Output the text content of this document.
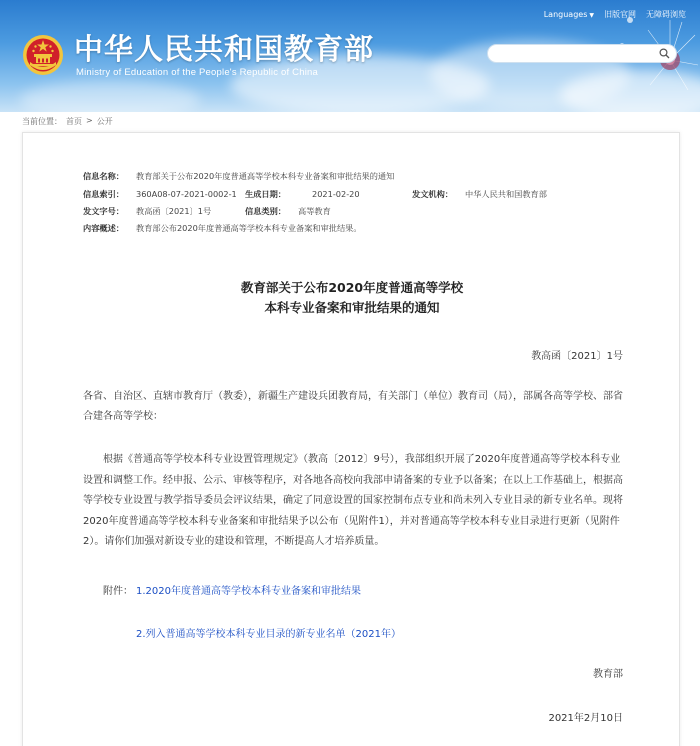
中华人民共和国教育部
Ministry of Education of the People's Republic of China
Languages ▼ 旧版官网 无障碍浏览
当前位置： 首页 > 公开
信息名称： 教育部关于公布2020年度普通高等学校本科专业备案和审批结果的通知
信息索引： 360A08-07-2021-0002-1 生成日期：	2021-02-20	发文机构： 中华人民共和国教育部
发文字号： 教高函〔2021〕1号	信息类别： 高等教育
内容概述： 教育部公布2020年度普通高等学校本科专业备案和审批结果。
教育部关于公布2020年度普通高等学校
本科专业备案和审批结果的通知
教高函〔2021〕1号
各省、自治区、直辖市教育厅（教委），新疆生产建设兵团教育局，有关部门（单位）教育司（局），部属各高等学校、部省合建各高等学校：
根据《普通高等学校本科专业设置管理规定》（教高〔2012〕9号），我部组织开展了2020年度普通高等学校本科专业设置和调整工作。经申报、公示、审核等程序，对各地各高校向我部申请备案的专业予以备案；在以上工作基础上，根据高等学校专业设置与教学指导委员会评议结果，确定了同意设置的国家控制布点专业和尚未列入专业目录的新专业名单。现将2020年度普通高等学校本科专业备案和审批结果予以公布（见附件1），并对普通高等学校本科专业目录进行更新（见附件2）。请你们加强对新设专业的建设和管理，不断提高人才培养质量。
附件： 1.2020年度普通高等学校本科专业备案和审批结果
2.列入普通高等学校本科专业目录的新专业名单（2021年）
教育部
2021年2月10日
